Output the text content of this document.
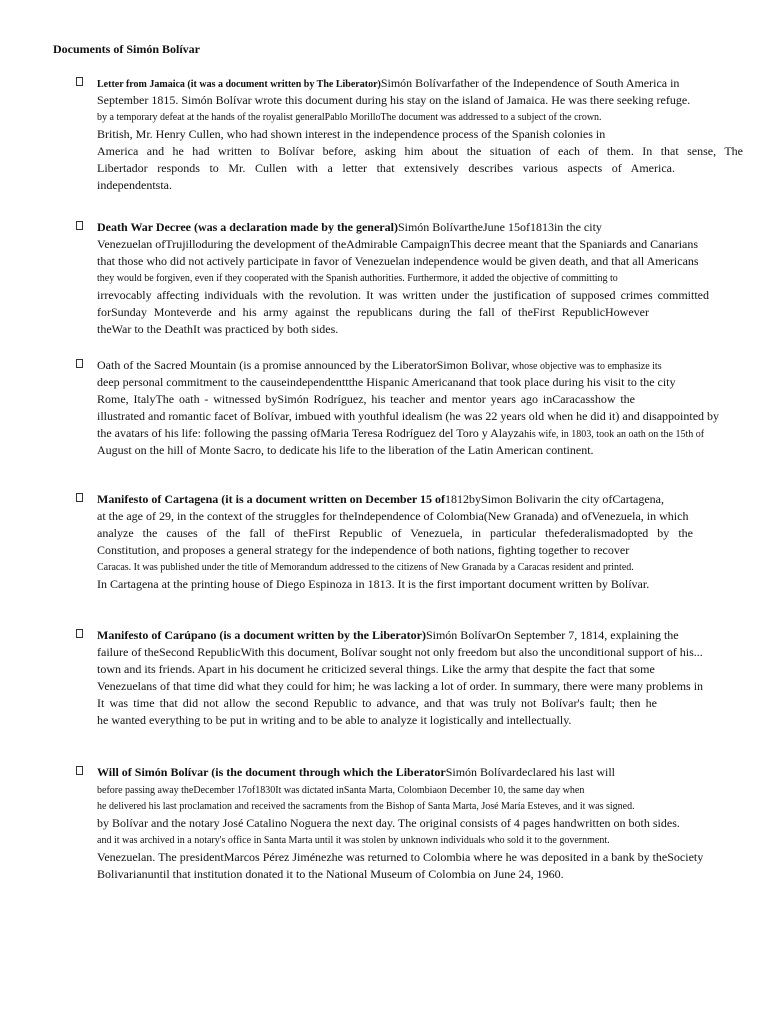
Documents of Simón Bolívar
Letter from Jamaica (it was a document written by The Liberator)Simón Bolívarfather of the Independence of South America in
September 1815. Simón Bolívar wrote this document during his stay on the island of Jamaica. He was there seeking refuge.
by a temporary defeat at the hands of the royalist generalPablo MorilloThe document was addressed to a subject of the crown.
British, Mr. Henry Cullen, who had shown interest in the independence process of the Spanish colonies in
America and he had written to Bolívar before, asking him about the situation of each of them. In that sense, The
Libertador responds to Mr. Cullen with a letter that extensively describes various aspects of America.
independentsta.
Death War Decree (was a declaration made by the general)Simón BolívartheJune 15of1813in the city
Venezuelan ofTrujilloduring the development of theAdmirable CampaignThis decree meant that the Spaniards and Canarians
that those who did not actively participate in favor of Venezuelan independence would be given death, and that all Americans
they would be forgiven, even if they cooperated with the Spanish authorities. Furthermore, it added the objective of committing to
irrevocably affecting individuals with the revolution. It was written under the justification of supposed crimes committed
forSunday Monteverde and his army against the republicans during the fall of theFirst RepublicHowever
theWar to the DeathIt was practiced by both sides.
Oath of the Sacred Mountain (is a promise announced by the LiberatorSimon Bolivar, whose objective was to emphasize its
deep personal commitment to the causeindependenttthe Hispanic Americanand that took place during his visit to the city
Rome, ItalyThe oath - witnessed bySimón Rodríguez, his teacher and mentor years ago inCaracasshow the
illustrated and romantic facet of Bolívar, imbued with youthful idealism (he was 22 years old when he did it) and disappointed by
the avatars of his life: following the passing ofMaria Teresa Rodríguez del Toro y Alayzahis wife, in 1803, took an oath on the 15th of
August on the hill of Monte Sacro, to dedicate his life to the liberation of the Latin American continent.
Manifesto of Cartagena (it is a document written on December 15 of1812bySimon Bolivarin the city ofCartagena,
at the age of 29, in the context of the struggles for theIndependence of Colombia(New Granada) and ofVenezuela, in which
analyze the causes of the fall of theFirst Republic of Venezuela, in particular thefederalismadopted by the
Constitution, and proposes a general strategy for the independence of both nations, fighting together to recover
Caracas. It was published under the title of Memorandum addressed to the citizens of New Granada by a Caracas resident and printed.
In Cartagena at the printing house of Diego Espinoza in 1813. It is the first important document written by Bolívar.
Manifesto of Carúpano (is a document written by the Liberator)Simón BolívarOn September 7, 1814, explaining the
failure of theSecond RepublicWith this document, Bolívar sought not only freedom but also the unconditional support of his...
town and its friends. Apart in his document he criticized several things. Like the army that despite the fact that some
Venezuelans of that time did what they could for him; he was lacking a lot of order. In summary, there were many problems in
It was time that did not allow the second Republic to advance, and that was truly not Bolívar's fault; then he
he wanted everything to be put in writing and to be able to analyze it logistically and intellectually.
Will of Simón Bolívar (is the document through which the LiberatorSimón Bolívardeclared his last will
before passing away theDecember 17of1830It was dictated inSanta Marta, Colombiaon December 10, the same day when
he delivered his last proclamation and received the sacraments from the Bishop of Santa Marta, José María Esteves, and it was signed.
by Bolívar and the notary José Catalino Noguera the next day. The original consists of 4 pages handwritten on both sides.
and it was archived in a notary's office in Santa Marta until it was stolen by unknown individuals who sold it to the government.
Venezuelan. The presidentMarcos Pérez Jiménezhe was returned to Colombia where he was deposited in a bank by theSociety
Bolivarianuntil that institution donated it to the National Museum of Colombia on June 24, 1960.
